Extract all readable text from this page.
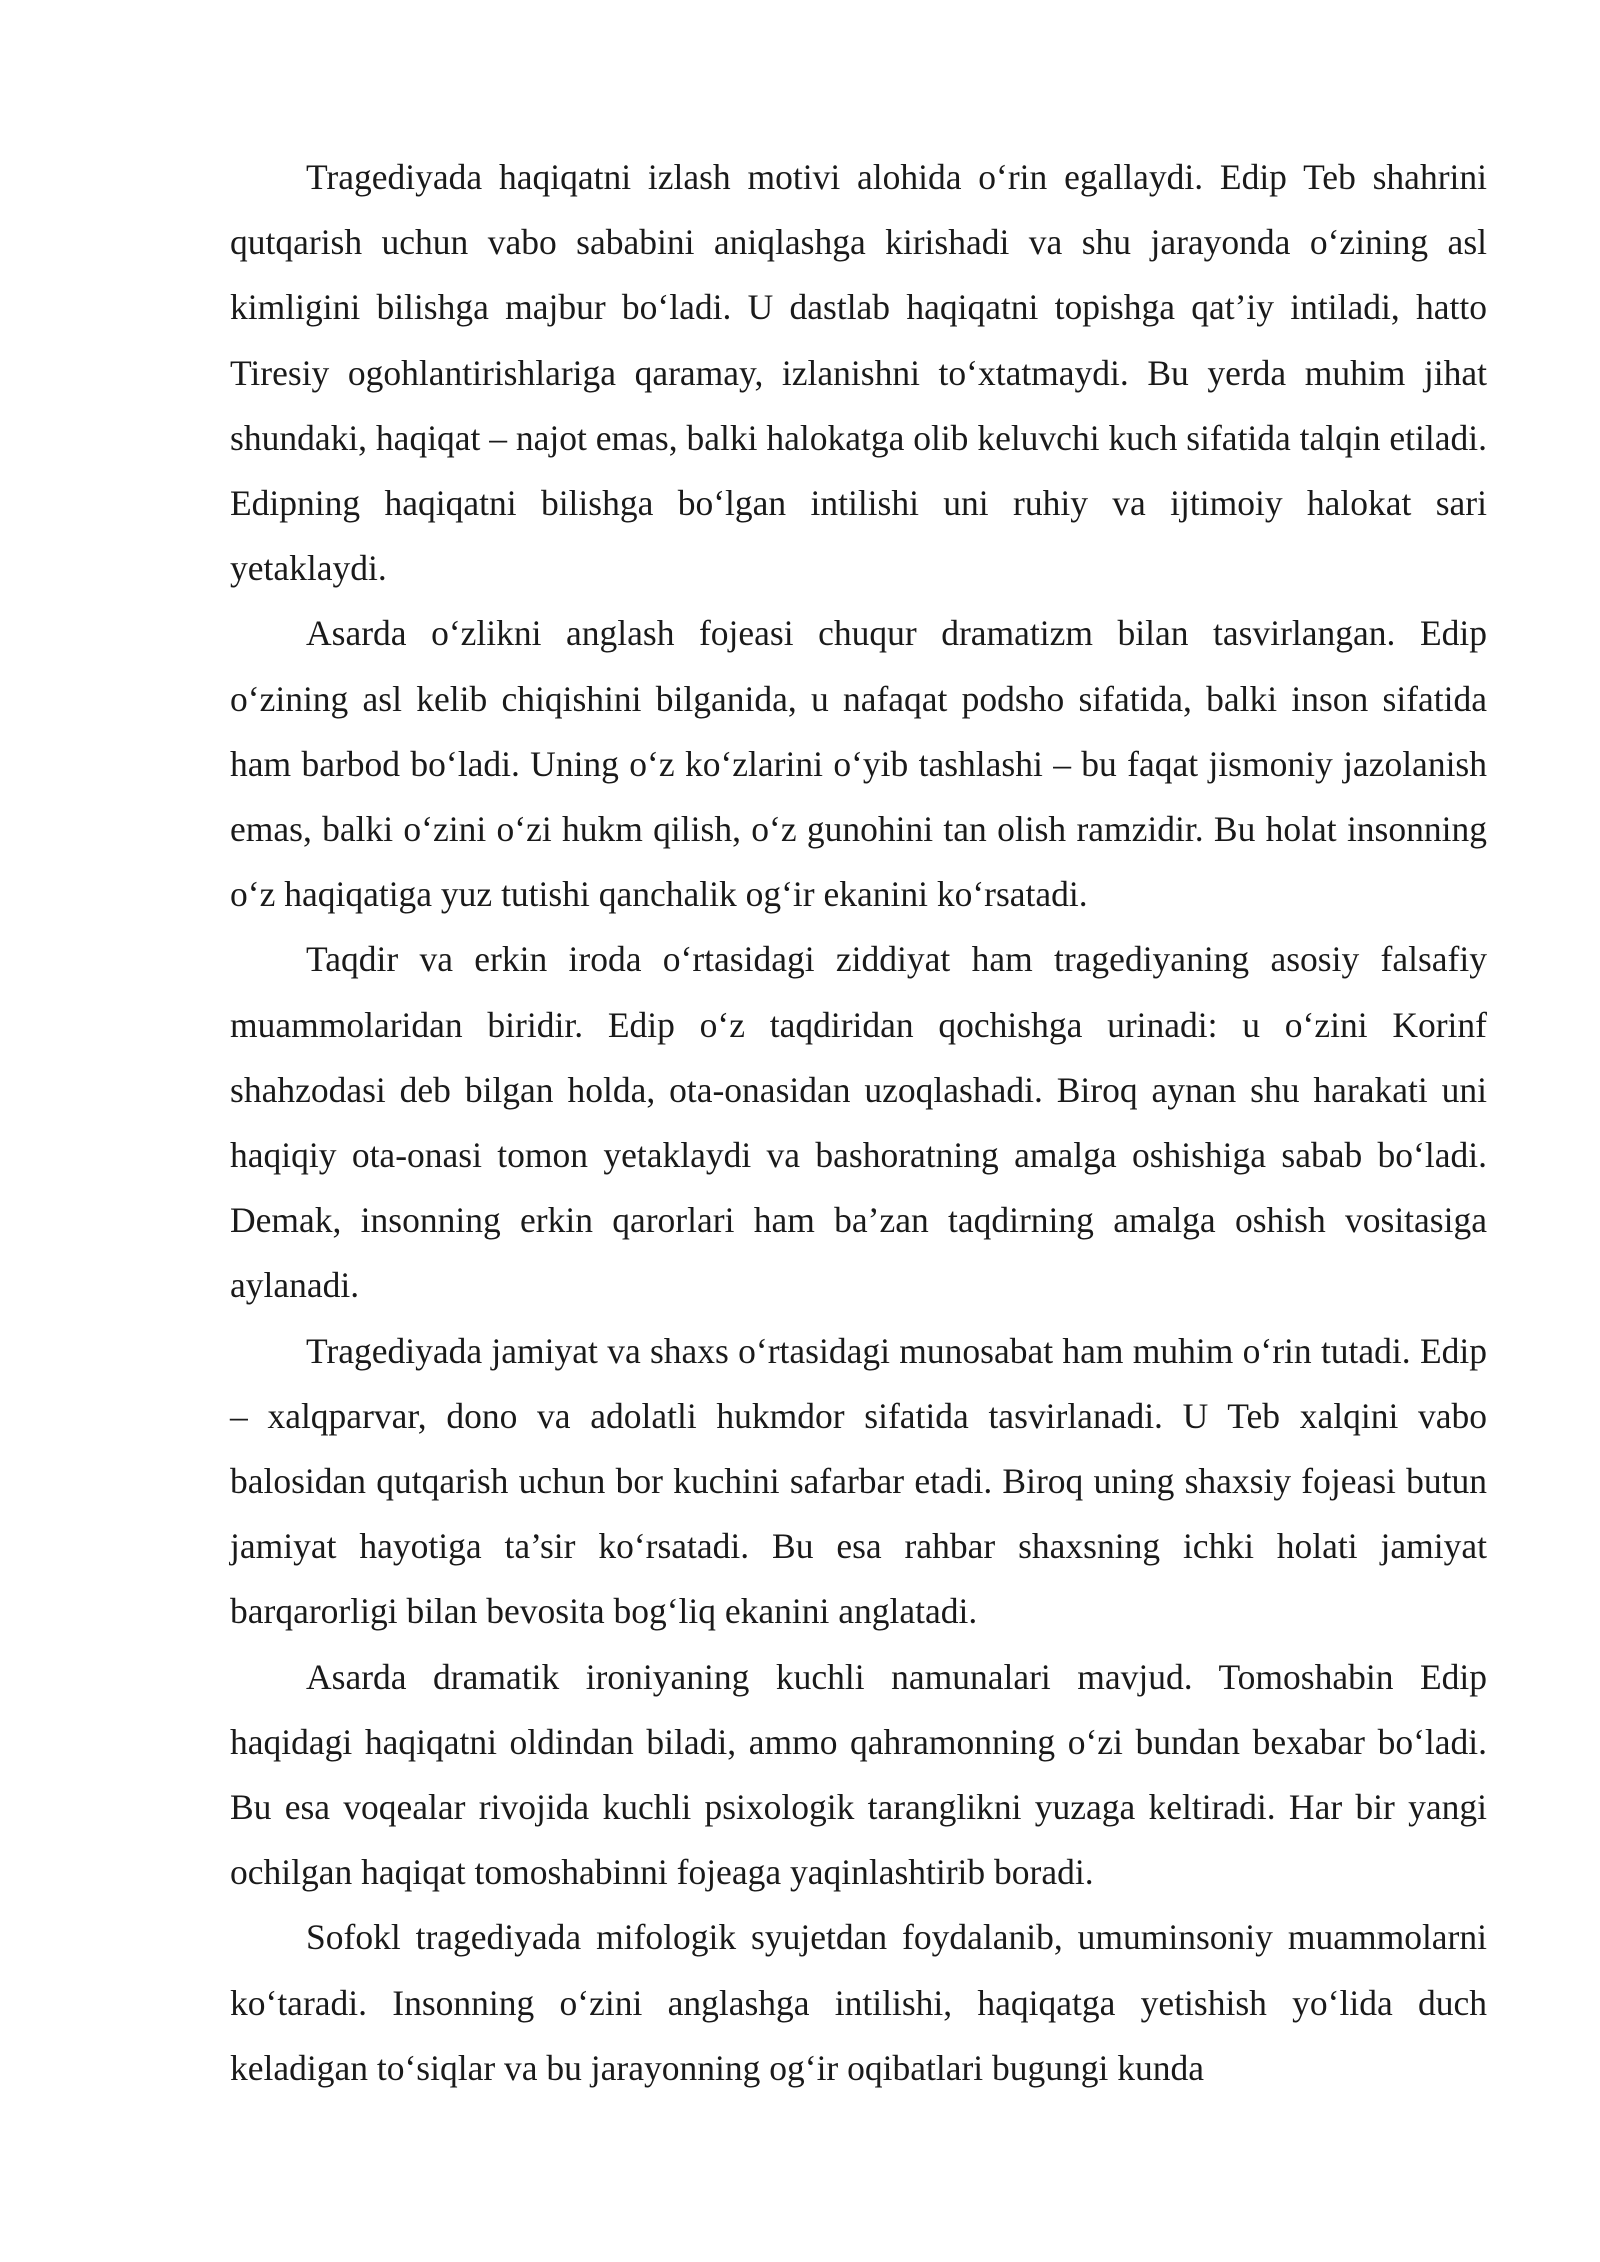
Tragediyada haqiqatni izlash motivi alohida o‘rin egallaydi. Edip Teb shahrini qutqarish uchun vabo sababini aniqlashga kirishadi va shu jarayonda o‘zining asl kimligini bilishga majbur bo‘ladi. U dastlab haqiqatni topishga qat’iy intiladi, hatto Tiresiy ogohlantirishlariga qaramay, izlanishni to‘xtatmaydi. Bu yerda muhim jihat shundaki, haqiqat – najot emas, balki halokatga olib keluvchi kuch sifatida talqin etiladi. Edipning haqiqatni bilishga bo‘lgan intilishi uni ruhiy va ijtimoiy halokat sari yetaklaydi.

Asarda o‘zlikni anglash fojeasi chuqur dramatizm bilan tasvirlangan. Edip o‘zining asl kelib chiqishini bilganida, u nafaqat podsho sifatida, balki inson sifatida ham barbod bo‘ladi. Uning o‘z ko‘zlarini o‘yib tashlashi – bu faqat jismoniy jazolanish emas, balki o‘zini o‘zi hukm qilish, o‘z gunohini tan olish ramzidir. Bu holat insonning o‘z haqiqatiga yuz tutishi qanchalik og‘ir ekanini ko‘rsatadi.

Taqdir va erkin iroda o‘rtasidagi ziddiyat ham tragediyaning asosiy falsafiy muammolaridan biridir. Edip o‘z taqdiridan qochishga urinadi: u o‘zini Korinf shahzodasi deb bilgan holda, ota-onasidan uzoqlashadi. Biroq aynan shu harakati uni haqiqiy ota-onasi tomon yetaklaydi va bashoratning amalga oshishiga sabab bo‘ladi. Demak, insonning erkin qarorlari ham ba’zan taqdirning amalga oshish vositasiga aylanadi.

Tragediyada jamiyat va shaxs o‘rtasidagi munosabat ham muhim o‘rin tutadi. Edip – xalqparvar, dono va adolatli hukmdor sifatida tasvirlanadi. U Teb xalqini vabo balosidan qutqarish uchun bor kuchini safarbar etadi. Biroq uning shaxsiy fojeasi butun jamiyat hayotiga ta’sir ko‘rsatadi. Bu esa rahbar shaxsning ichki holati jamiyat barqarorligi bilan bevosita bog‘liq ekanini anglatadi.

Asarda dramatik ironiyaning kuchli namunalari mavjud. Tomoshabin Edip haqidagi haqiqatni oldindan biladi, ammo qahramonning o‘zi bundan bexabar bo‘ladi. Bu esa voqealar rivojida kuchli psixologik taranglikni yuzaga keltiradi. Har bir yangi ochilgan haqiqat tomoshabinni fojeaga yaqinlashtirib boradi.

Sofokl tragediyada mifologik syujetdan foydalanib, umuminsoniy muammolarni ko‘taradi. Insonning o‘zini anglashga intilishi, haqiqatga yetishish yo‘lida duch keladigan to‘siqlar va bu jarayonning og‘ir oqibatlari bugungi kunda
